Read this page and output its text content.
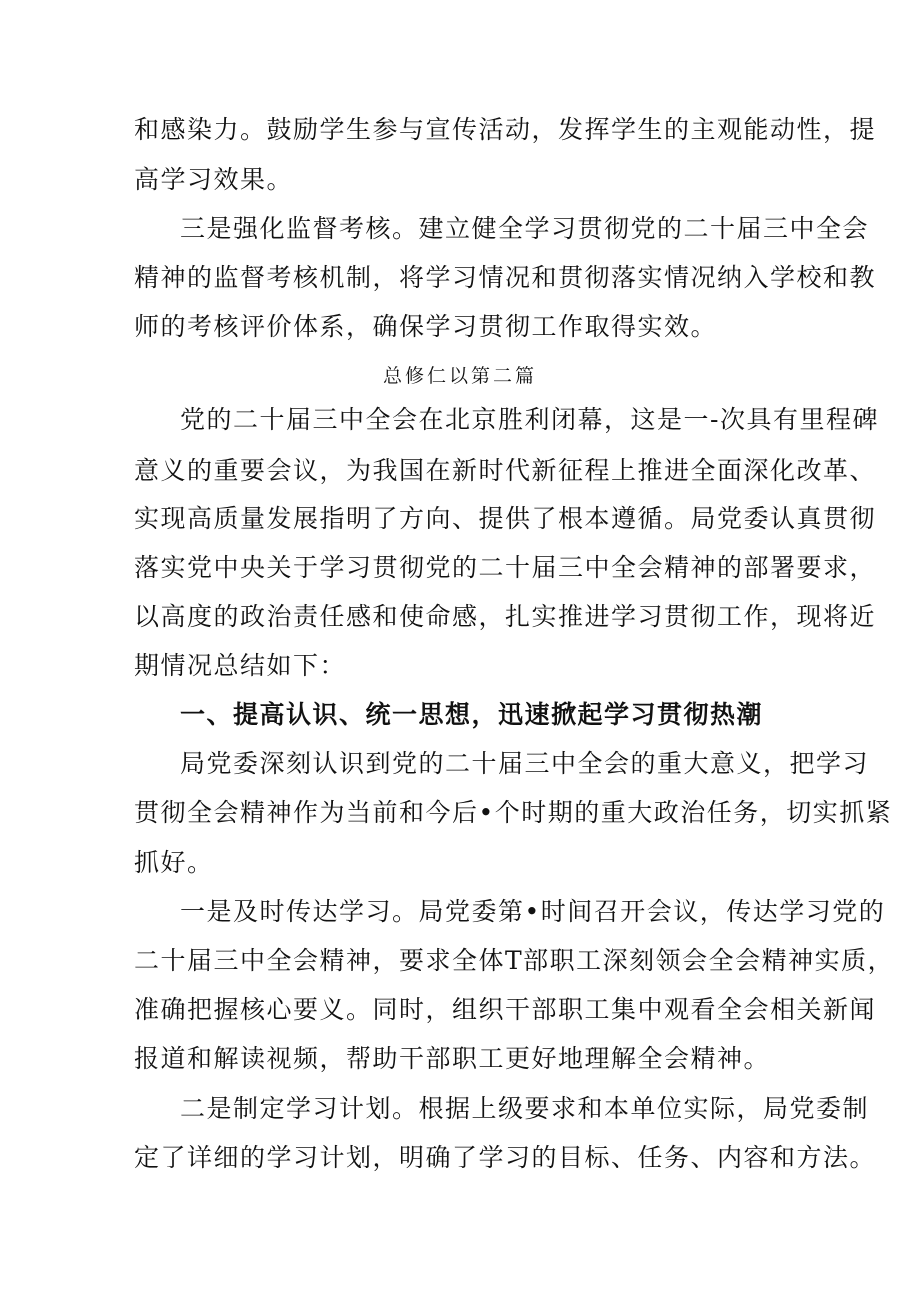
和感染力。鼓励学生参与宣传活动，发挥学生的主观能动性，提
高学习效果。
三是强化监督考核。建立健全学习贯彻党的二十届三中全会
精神的监督考核机制，将学习情况和贯彻落实情况纳入学校和教
师的考核评价体系，确保学习贯彻工作取得实效。
总修仁以第二篇
党的二十届三中全会在北京胜利闭幕，这是一-次具有里程碑
意义的重要会议，为我国在新时代新征程上推进全面深化改革、
实现高质量发展指明了方向、提供了根本遵循。局党委认真贯彻
落实党中央关于学习贯彻党的二十届三中全会精神的部署要求，
以高度的政治责任感和使命感，扎实推进学习贯彻工作，现将近
期情况总结如下：
一、提高认识、统一思想，迅速掀起学习贯彻热潮
局党委深刻认识到党的二十届三中全会的重大意义，把学习
贯彻全会精神作为当前和今后•个时期的重大政治任务，切实抓紧
抓好。
一是及时传达学习。局党委第•时间召开会议，传达学习党的
二十届三中全会精神，要求全体T部职工深刻领会全会精神实质，
准确把握核心要义。同时，组织干部职工集中观看全会相关新闻
报道和解读视频，帮助干部职工更好地理解全会精神。
二是制定学习计划。根据上级要求和本单位实际，局党委制
定了详细的学习计划，明确了学习的目标、任务、内容和方法。
